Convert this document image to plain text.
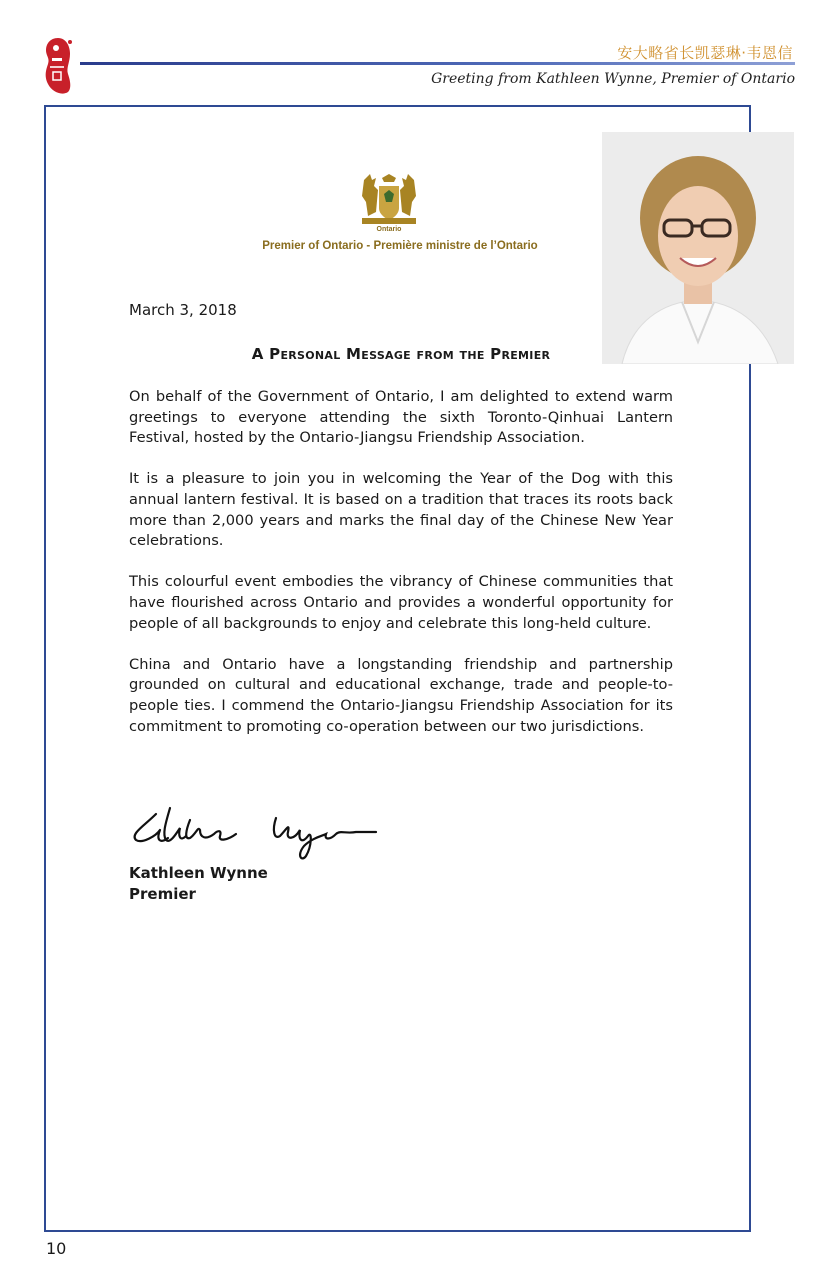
安大略省长凯瑟琳·韦恩信
Greeting from Kathleen Wynne, Premier of Ontario
Ontario
Premier of Ontario - Première ministre de l’Ontario
March 3, 2018
A Personal Message from the Premier

On behalf of the Government of Ontario, I am delighted to extend warm greetings to everyone attending the sixth Toronto-Qinhuai Lantern Festival, hosted by the Ontario-Jiangsu Friendship Association.

It is a pleasure to join you in welcoming the Year of the Dog with this annual lantern festival. It is based on a tradition that traces its roots back more than 2,000 years and marks the final day of the Chinese New Year celebrations.

This colourful event embodies the vibrancy of Chinese communities that have flourished across Ontario and provides a wonderful opportunity for people of all backgrounds to enjoy and celebrate this long-held culture.

China and Ontario have a longstanding friendship and partnership grounded on cultural and educational exchange, trade and people-to-people ties. I commend the Ontario-Jiangsu Friendship Association for its commitment to promoting co-operation between our two jurisdictions.

Kathleen Wynne
Premier
10
